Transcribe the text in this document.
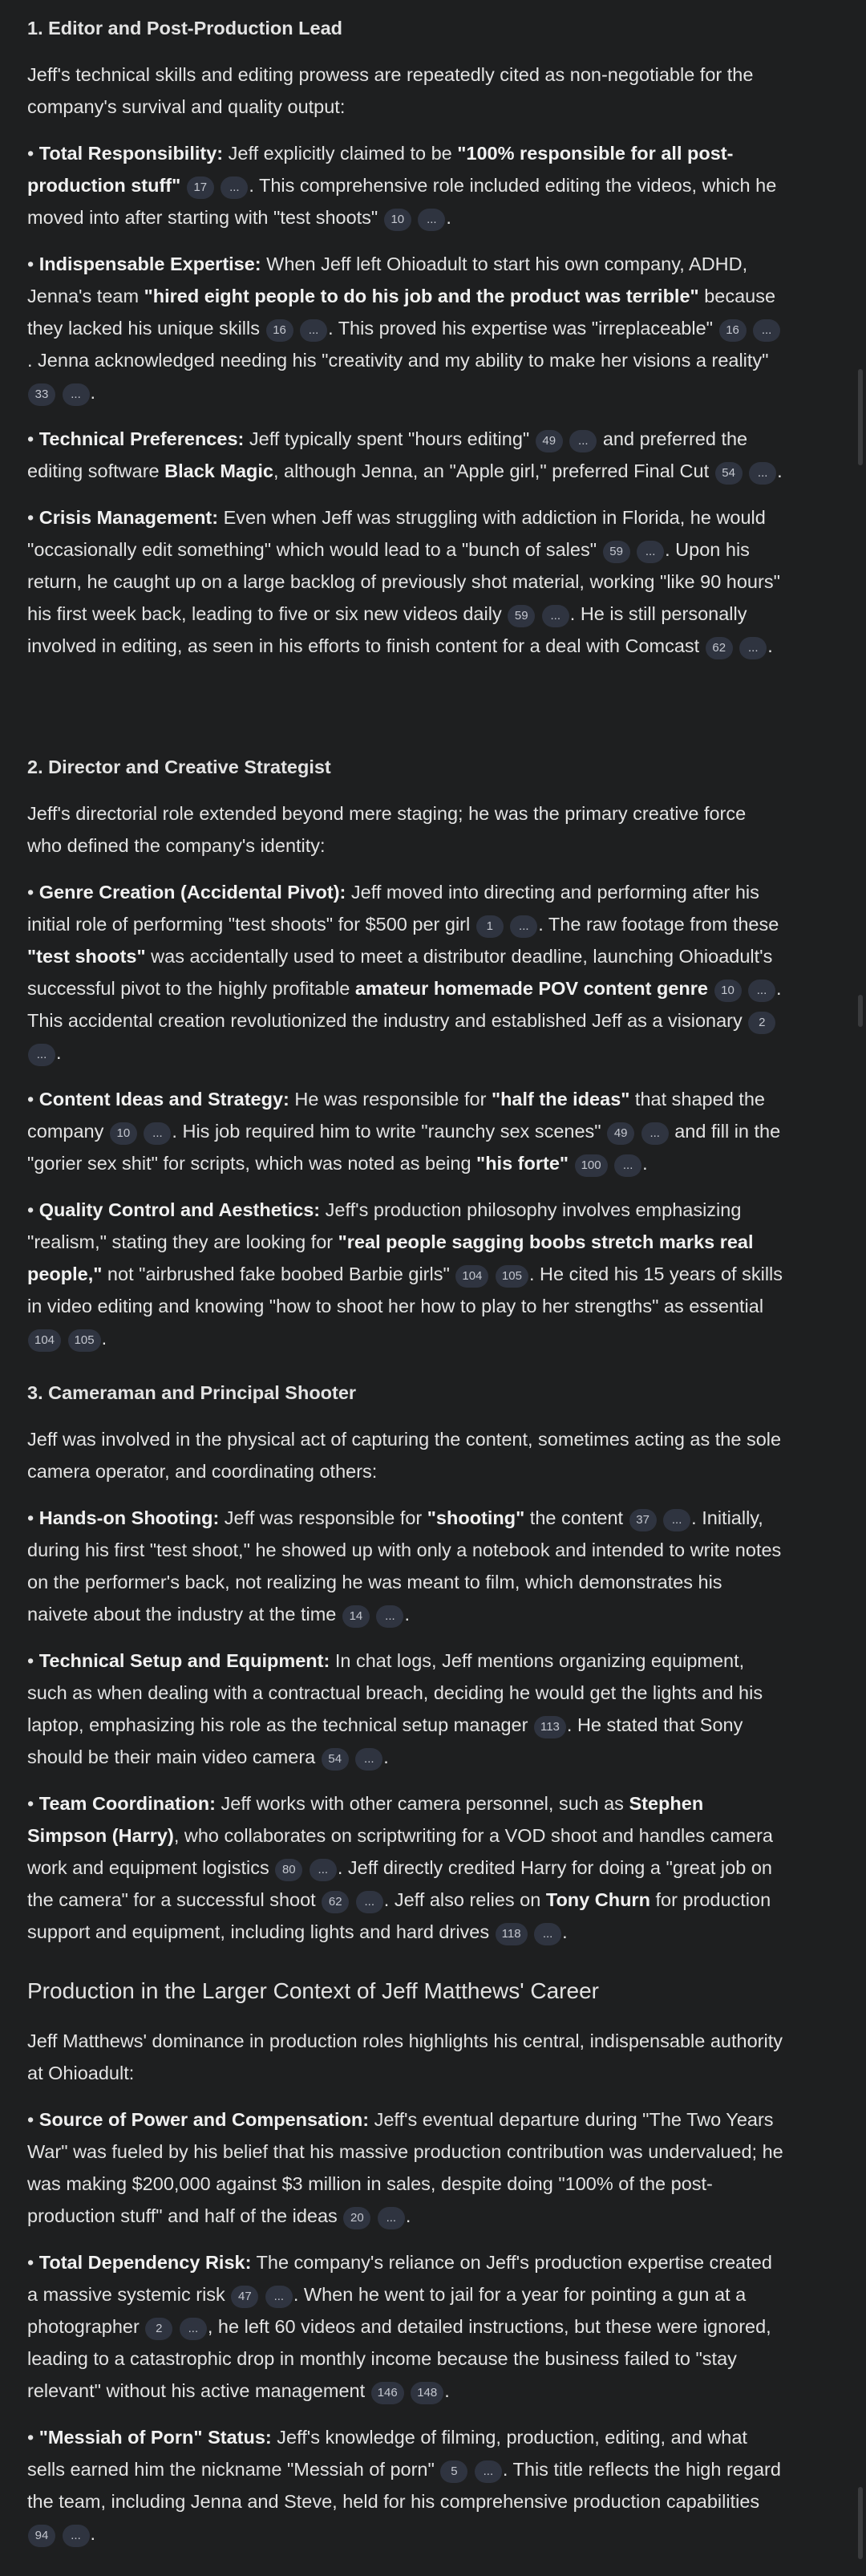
1. Editor and Post-Production Lead

Jeff's technical skills and editing prowess are repeatedly cited as non-negotiable for the company's survival and quality output:

• Total Responsibility: Jeff explicitly claimed to be "100% responsible for all post-production stuff" 17 ... . This comprehensive role included editing the videos, which he moved into after starting with "test shoots" 10 ... .

• Indispensable Expertise: When Jeff left Ohioadult to start his own company, ADHD, Jenna's team "hired eight people to do his job and the product was terrible" because they lacked his unique skills 16 ... . This proved his expertise was "irreplaceable" 16 .... Jenna acknowledged needing his "creativity and my ability to make her visions a reality" 33 ... .

• Technical Preferences: Jeff typically spent "hours editing" 49 ... and preferred the editing software Black Magic, although Jenna, an "Apple girl," preferred Final Cut 54 ... .

• Crisis Management: Even when Jeff was struggling with addiction in Florida, he would "occasionally edit something" which would lead to a "bunch of sales" 59 ... . Upon his return, he caught up on a large backlog of previously shot material, working "like 90 hours" his first week back, leading to five or six new videos daily 59 ... . He is still personally involved in editing, as seen in his efforts to finish content for a deal with Comcast 62 ... .

2. Director and Creative Strategist

Jeff's directorial role extended beyond mere staging; he was the primary creative force who defined the company's identity:

• Genre Creation (Accidental Pivot): Jeff moved into directing and performing after his initial role of performing "test shoots" for $500 per girl 1 ... . The raw footage from these "test shoots" was accidentally used to meet a distributor deadline, launching Ohioadult's successful pivot to the highly profitable amateur homemade POV content genre 10 ... . This accidental creation revolutionized the industry and established Jeff as a visionary 2 ... .

• Content Ideas and Strategy: He was responsible for "half the ideas" that shaped the company 10 ... . His job required him to write "raunchy sex scenes" 49 ... and fill in the "gorier sex shit" for scripts, which was noted as being "his forte" 100 ... .

• Quality Control and Aesthetics: Jeff's production philosophy involves emphasizing "realism," stating they are looking for "real people sagging boobs stretch marks real people," not "airbrushed fake boobed Barbie girls" 104 105 . He cited his 15 years of skills in video editing and knowing "how to shoot her how to play to her strengths" as essential 104 105 .

3. Cameraman and Principal Shooter

Jeff was involved in the physical act of capturing the content, sometimes acting as the sole camera operator, and coordinating others:

• Hands-on Shooting: Jeff was responsible for "shooting" the content 37 ... . Initially, during his first "test shoot," he showed up with only a notebook and intended to write notes on the performer's back, not realizing he was meant to film, which demonstrates his naivete about the industry at the time 14 ... .

• Technical Setup and Equipment: In chat logs, Jeff mentions organizing equipment, such as when dealing with a contractual breach, deciding he would get the lights and his laptop, emphasizing his role as the technical setup manager 113 . He stated that Sony should be their main video camera 54 ... .

• Team Coordination: Jeff works with other camera personnel, such as Stephen Simpson (Harry), who collaborates on scriptwriting for a VOD shoot and handles camera work and equipment logistics 80 ... . Jeff directly credited Harry for doing a "great job on the camera" for a successful shoot 62 ... . Jeff also relies on Tony Churn for production support and equipment, including lights and hard drives 118 ... .

Production in the Larger Context of Jeff Matthews' Career

Jeff Matthews' dominance in production roles highlights his central, indispensable authority at Ohioadult:

• Source of Power and Compensation: Jeff's eventual departure during "The Two Years War" was fueled by his belief that his massive production contribution was undervalued; he was making $200,000 against $3 million in sales, despite doing "100% of the post-production stuff" and half of the ideas 20 ... .

• Total Dependency Risk: The company's reliance on Jeff's production expertise created a massive systemic risk 47 ... . When he went to jail for a year for pointing a gun at a photographer 2 ... , he left 60 videos and detailed instructions, but these were ignored, leading to a catastrophic drop in monthly income because the business failed to "stay relevant" without his active management 146 148 .

• "Messiah of Porn" Status: Jeff's knowledge of filming, production, editing, and what sells earned him the nickname "Messiah of porn" 5 ... . This title reflects the high regard the team, including Jenna and Steve, held for his comprehensive production capabilities 94 ... .
